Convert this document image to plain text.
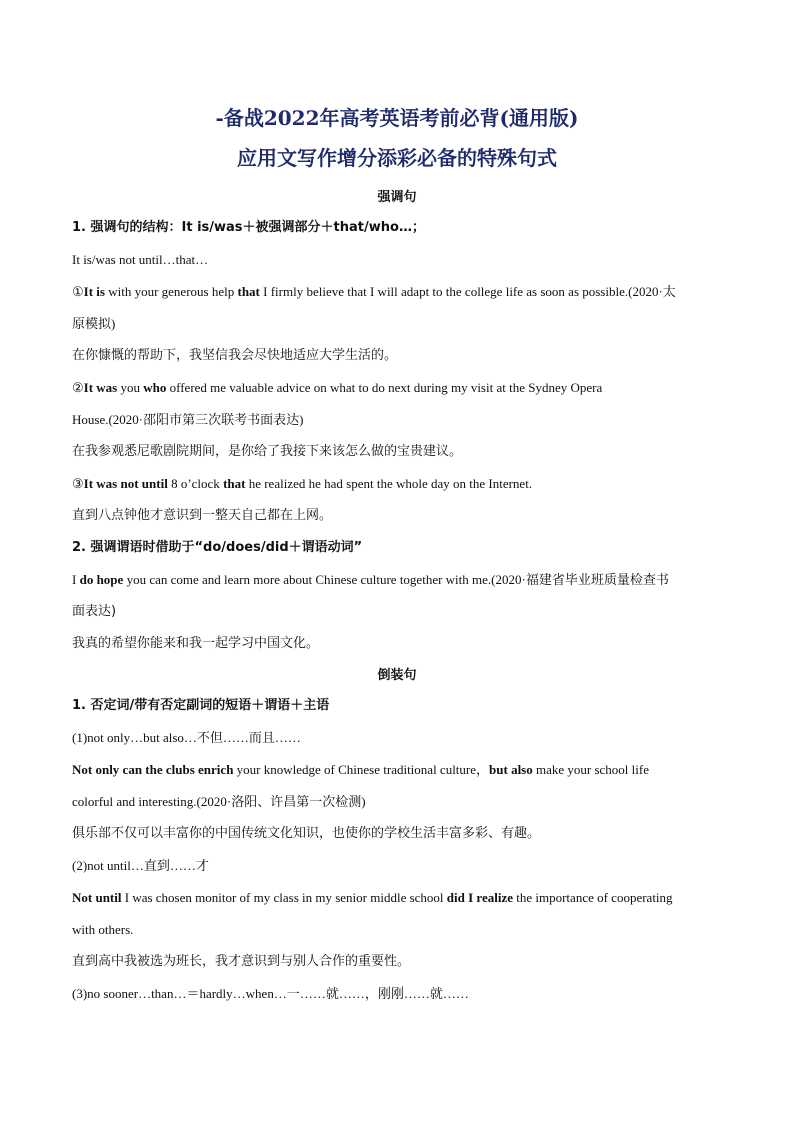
-备战2022年高考英语考前必背(通用版)
应用文写作增分添彩必备的特殊句式
强调句
1. 强调句的结构：It is/was＋被强调部分＋that/who…；
It is/was not until…that…
①It is with your generous help that I firmly believe that I will adapt to the college life as soon as possible.(2020·太
原模拟)
在你慷慨的帮助下，我坚信我会尽快地适应大学生活的。
②It was you who offered me valuable advice on what to do next during my visit at the Sydney Opera
House.(2020·邵阳市第三次联考书面表达)
在我参观悉尼歌剧院期间，是你给了我接下来该怎么做的宝贵建议。
③It was not until 8 o’clock that he realized he had spent the whole day on the Internet.
直到八点钟他才意识到一整天自己都在上网。
2. 强调谓语时借助于“do/does/did＋谓语动词”
I do hope you can come and learn more about Chinese culture together with me.(2020·福建省毕业班质量检查书
面表达)
我真的希望你能来和我一起学习中国文化。
倒装句
1. 否定词/带有否定副词的短语＋谓语＋主语
(1)not only…but also…不但……而且……
Not only can the clubs enrich your knowledge of Chinese traditional culture，but also make your school life
colorful and interesting.(2020·洛阳、许昌第一次检测)
俱乐部不仅可以丰富你的中国传统文化知识，也使你的学校生活丰富多彩、有趣。
(2)not until…直到……才
Not until I was chosen monitor of my class in my senior middle school did I realize the importance of cooperating
with others.
直到高中我被选为班长，我才意识到与别人合作的重要性。
(3)no sooner…than…＝hardly…when…一……就……，刚刚……就……
